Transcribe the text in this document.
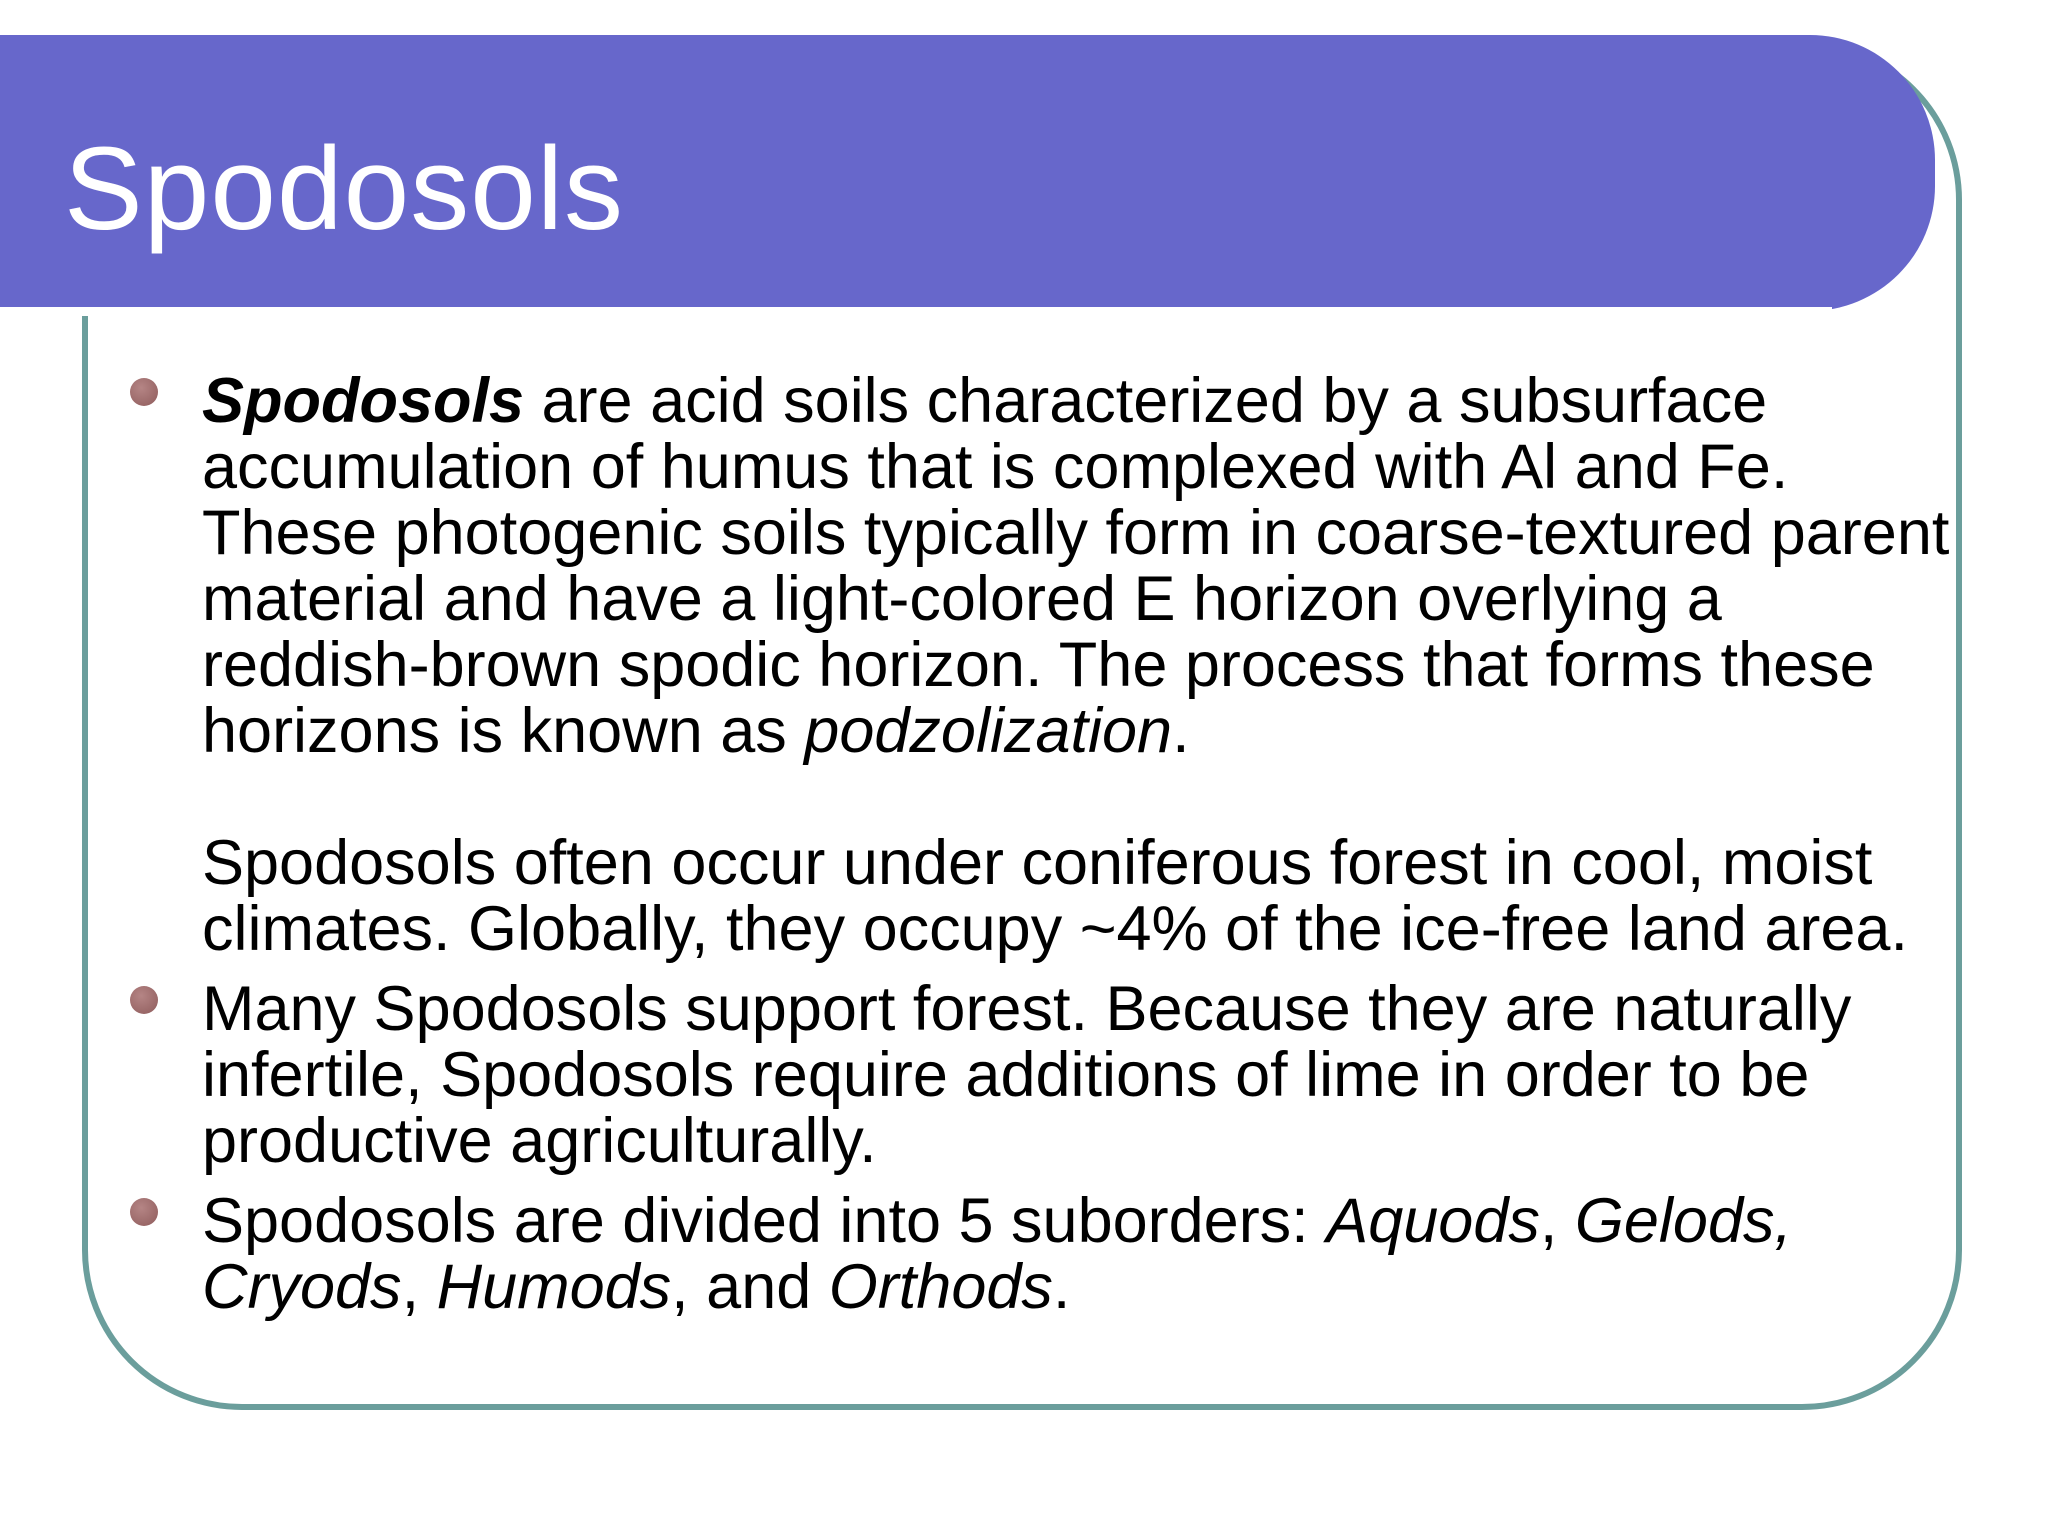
Spodosols
Spodosols are acid soils characterized by a subsurface accumulation of humus that is complexed with Al and Fe. These photogenic soils typically form in coarse-textured parent material and have a light-colored E horizon overlying a reddish-brown spodic horizon. The process that forms these horizons is known as podzolization.
Spodosols often occur under coniferous forest in cool, moist climates. Globally, they occupy ~4% of the ice-free land area.
Many Spodosols support forest. Because they are naturally infertile, Spodosols require additions of lime in order to be productive agriculturally.
Spodosols are divided into 5 suborders: Aquods, Gelods, Cryods, Humods, and Orthods.
